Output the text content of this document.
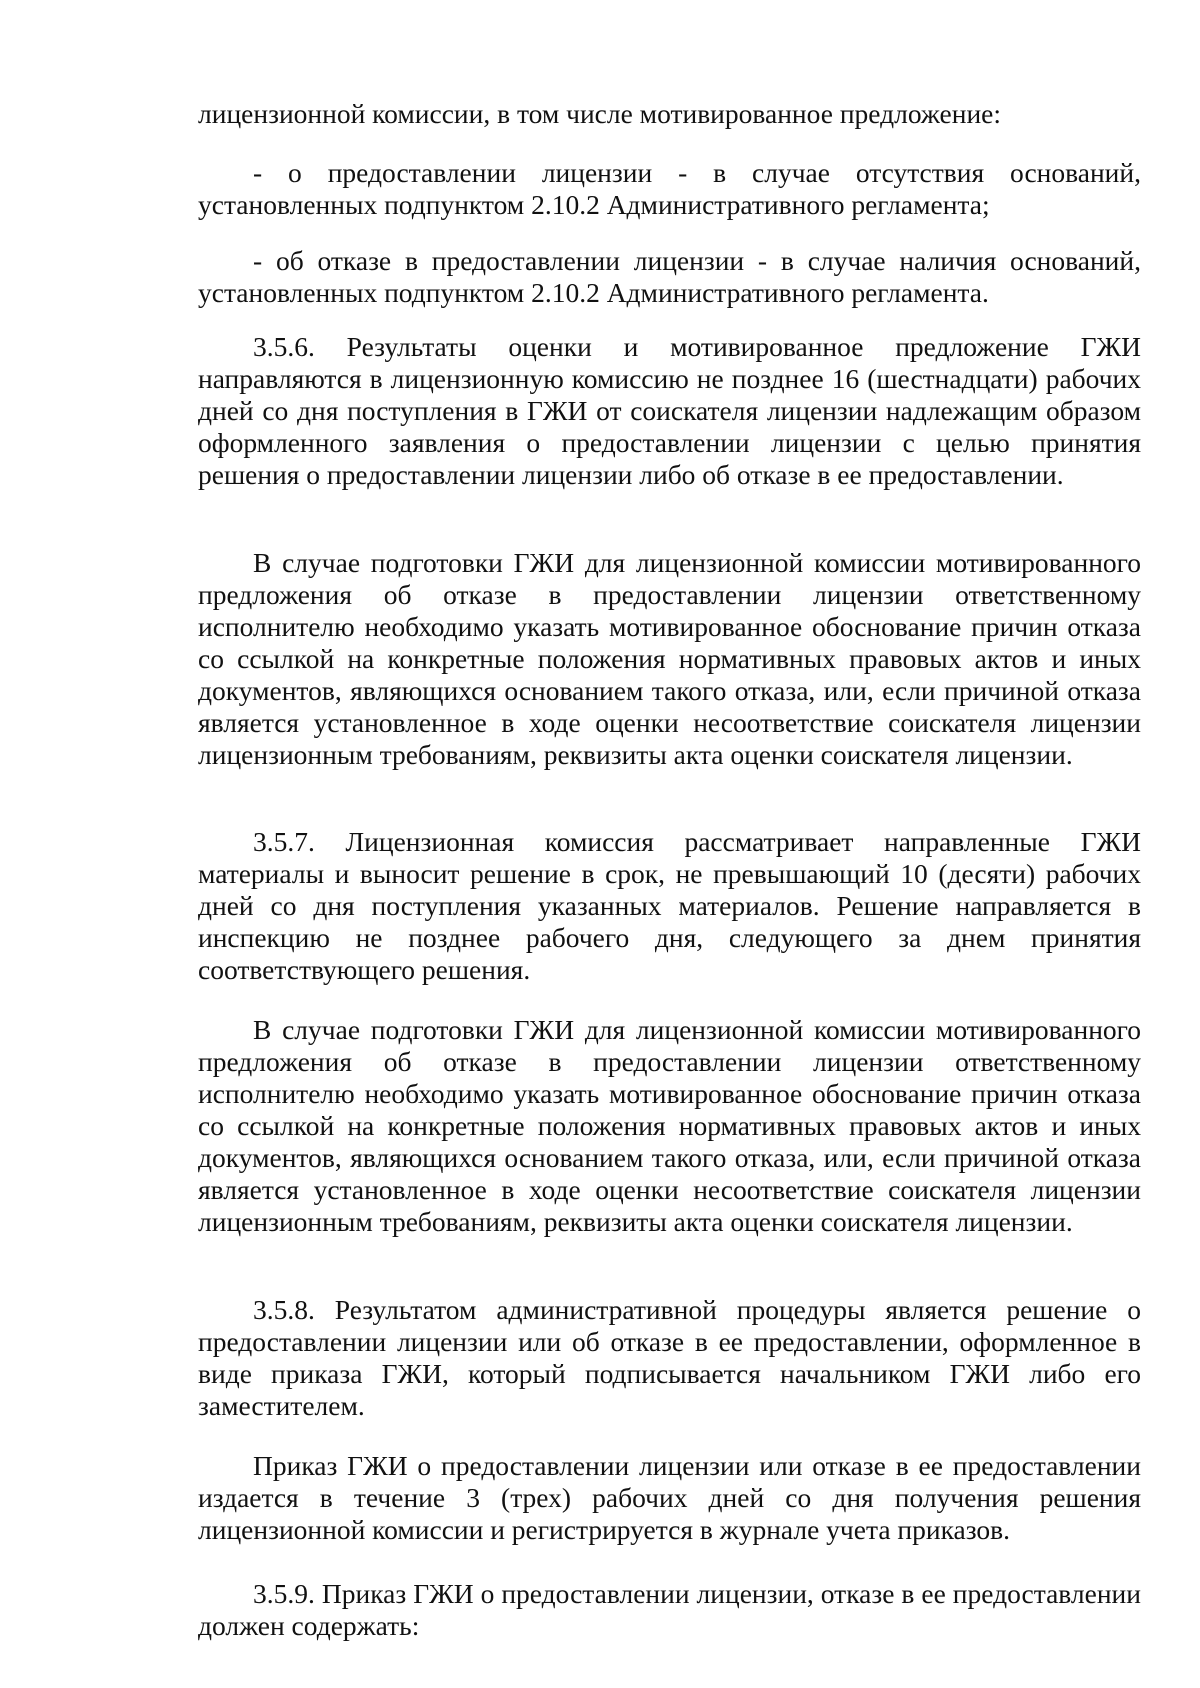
лицензионной комиссии, в том числе мотивированное предложение:

- о предоставлении лицензии - в случае отсутствия оснований, установленных подпунктом 2.10.2 Административного регламента;

- об отказе в предоставлении лицензии - в случае наличия оснований, установленных подпунктом 2.10.2 Административного регламента.

3.5.6. Результаты оценки и мотивированное предложение ГЖИ направляются в лицензионную комиссию не позднее 16 (шестнадцати) рабочих дней со дня поступления в ГЖИ от соискателя лицензии надлежащим образом оформленного заявления о предоставлении лицензии с целью принятия решения о предоставлении лицензии либо об отказе в ее предоставлении.

В случае подготовки ГЖИ для лицензионной комиссии мотивированного предложения об отказе в предоставлении лицензии ответственному исполнителю необходимо указать мотивированное обоснование причин отказа со ссылкой на конкретные положения нормативных правовых актов и иных документов, являющихся основанием такого отказа, или, если причиной отказа является установленное в ходе оценки несоответствие соискателя лицензии лицензионным требованиям, реквизиты акта оценки соискателя лицензии.

3.5.7. Лицензионная комиссия рассматривает направленные ГЖИ материалы и выносит решение в срок, не превышающий 10 (десяти) рабочих дней со дня поступления указанных материалов. Решение направляется в инспекцию не позднее рабочего дня, следующего за днем принятия соответствующего решения.

В случае подготовки ГЖИ для лицензионной комиссии мотивированного предложения об отказе в предоставлении лицензии ответственному исполнителю необходимо указать мотивированное обоснование причин отказа со ссылкой на конкретные положения нормативных правовых актов и иных документов, являющихся основанием такого отказа, или, если причиной отказа является установленное в ходе оценки несоответствие соискателя лицензии лицензионным требованиям, реквизиты акта оценки соискателя лицензии.

3.5.8. Результатом административной процедуры является решение о предоставлении лицензии или об отказе в ее предоставлении, оформленное в виде приказа ГЖИ, который подписывается начальником ГЖИ либо его заместителем.

Приказ ГЖИ о предоставлении лицензии или отказе в ее предоставлении издается в течение 3 (трех) рабочих дней со дня получения решения лицензионной комиссии и регистрируется в журнале учета приказов.

3.5.9. Приказ ГЖИ о предоставлении лицензии, отказе в ее предоставлении должен содержать:
